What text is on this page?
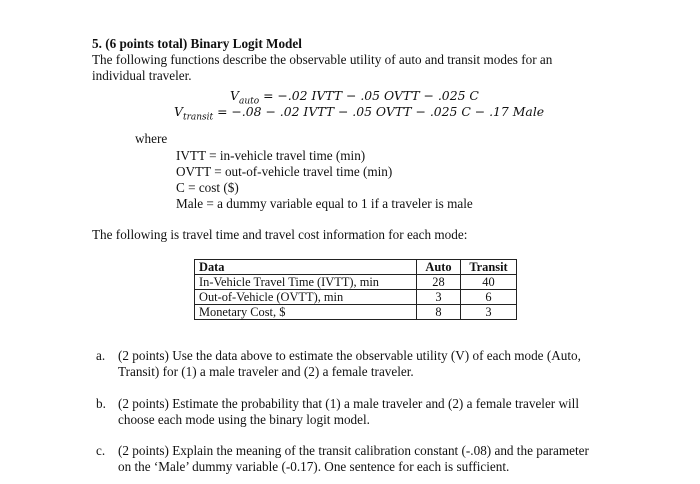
5. (6 points total) Binary Logit Model
The following functions describe the observable utility of auto and transit modes for an
individual traveler.
$V_{auto} = -.02$ IVTT − .05 OVTT − .025 C
$V_{transit} = -.08 - .02$ IVTT − .05 OVTT − .025 C − .17 Male
where
IVTT = in-vehicle travel time (min)
OVTT = out-of-vehicle travel time (min)
C = cost ($)
Male = a dummy variable equal to 1 if a traveler is male
The following is travel time and travel cost information for each mode:
Data	Auto	Transit
In-Vehicle Travel Time (IVTT), min	28	40
Out-of-Vehicle (OVTT), min	3	6
Monetary Cost, $	8	3
a. (2 points) Use the data above to estimate the observable utility (V) of each mode (Auto,
Transit) for (1) a male traveler and (2) a female traveler.
b. (2 points) Estimate the probability that (1) a male traveler and (2) a female traveler will
choose each mode using the binary logit model.
c. (2 points) Explain the meaning of the transit calibration constant (-.08) and the parameter
on the ‘Male’ dummy variable (-0.17). One sentence for each is sufficient.
